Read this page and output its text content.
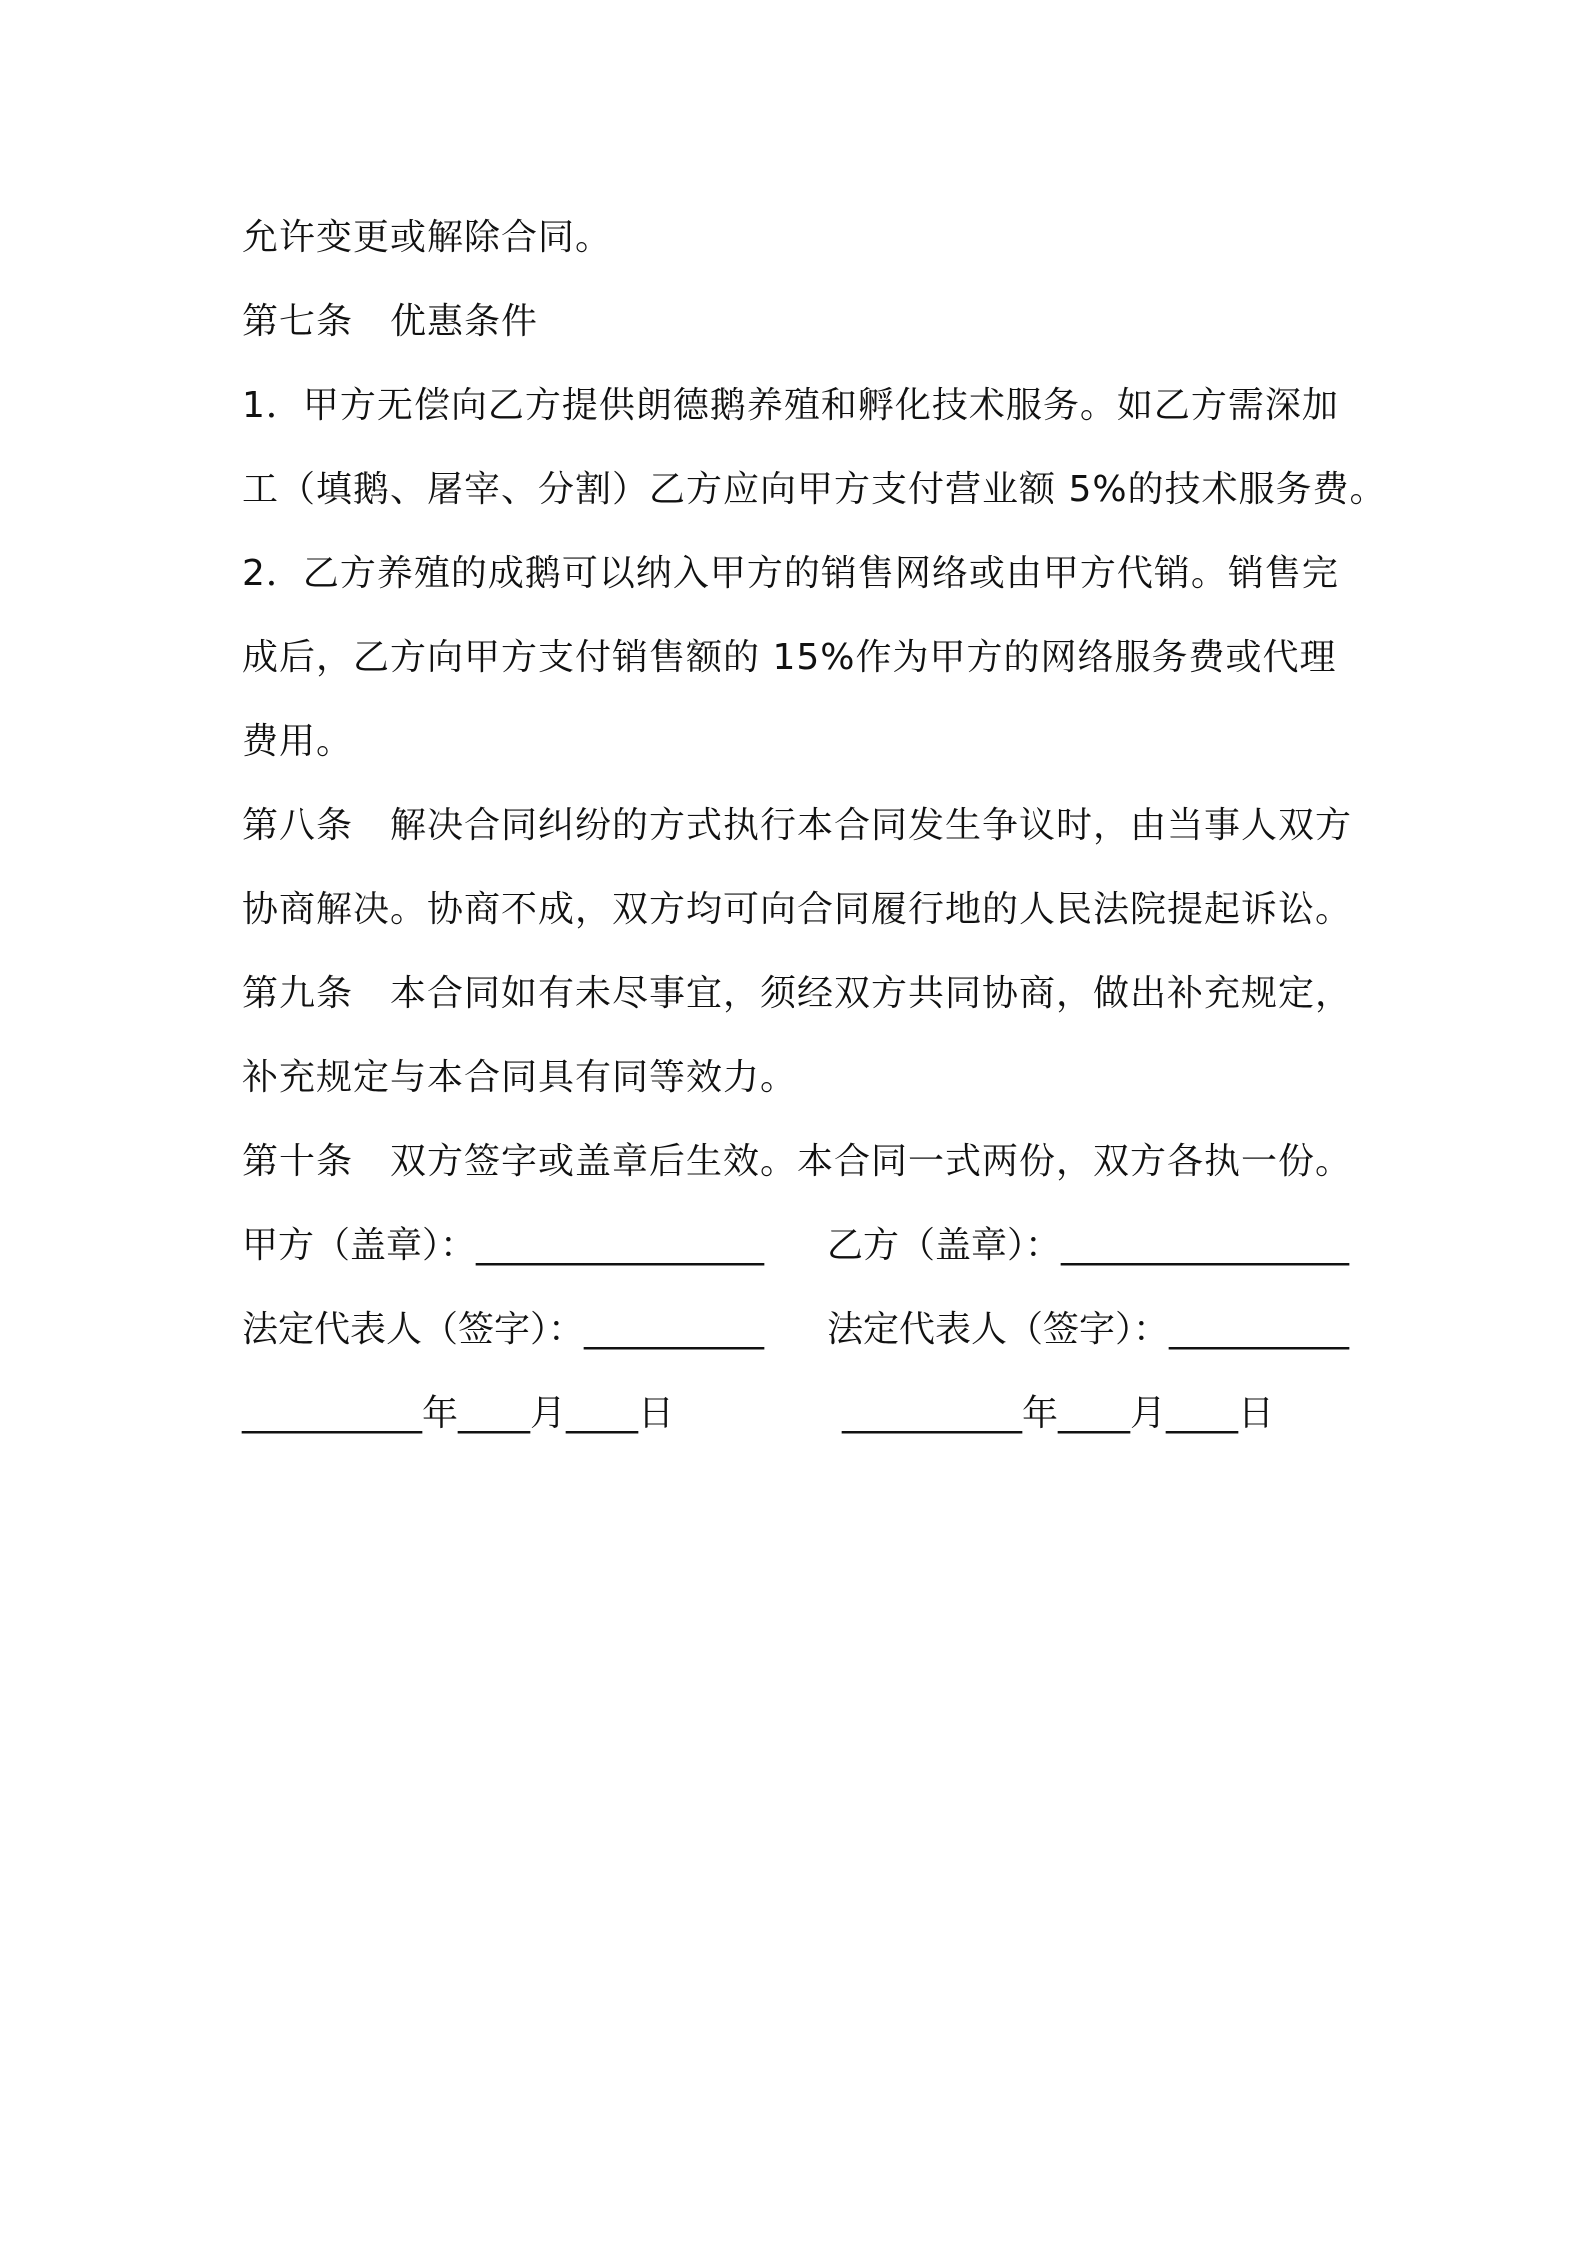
允许变更或解除合同。
第七条 优惠条件
1．甲方无偿向乙方提供朗德鹅养殖和孵化技术服务。如乙方需深加
工（填鹅、屠宰、分割）乙方应向甲方支付营业额 5%的技术服务费。
2．乙方养殖的成鹅可以纳入甲方的销售网络或由甲方代销。销售完
成后，乙方向甲方支付销售额的 15%作为甲方的网络服务费或代理
费用。
第八条 解决合同纠纷的方式执行本合同发生争议时，由当事人双方
协商解决。协商不成，双方均可向合同履行地的人民法院提起诉讼。
第九条 本合同如有未尽事宜，须经双方共同协商，做出补充规定，
补充规定与本合同具有同等效力。
第十条 双方签字或盖章后生效。本合同一式两份，双方各执一份。
甲方（盖章）：________________ 乙方（盖章）：________________
法定代表人（签字）：__________ 法定代表人（签字）：__________
__________年____月____日	__________年____月____日
